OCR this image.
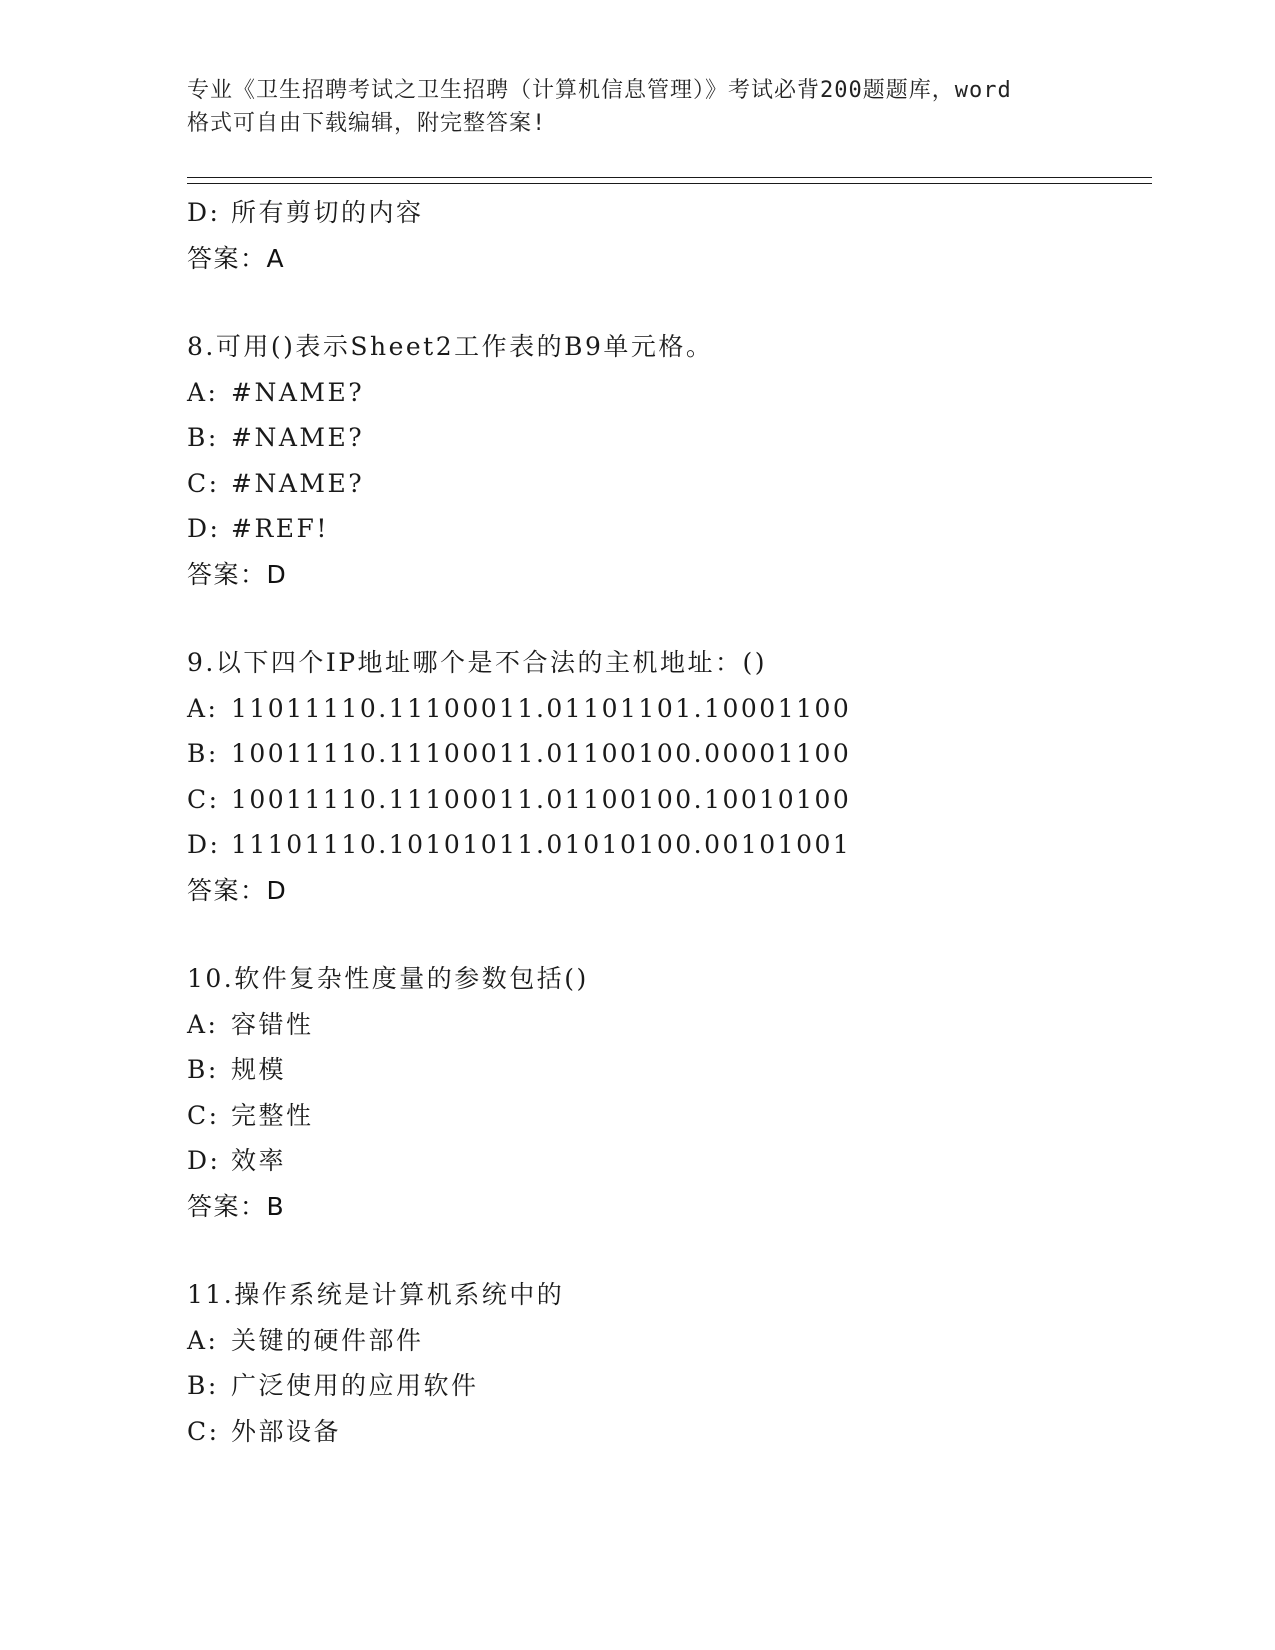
专业《卫生招聘考试之卫生招聘（计算机信息管理）》考试必背200题题库，word
格式可自由下载编辑，附完整答案!

D: 所有剪切的内容
答案：A
8.可用()表示Sheet2工作表的B9单元格。
A: #NAME?
B: #NAME?
C: #NAME?
D: #REF!
答案：D
9.以下四个IP地址哪个是不合法的主机地址：()
A: 11011110.11100011.01101101.10001100
B: 10011110.11100011.01100100.00001100
C: 10011110.11100011.01100100.10010100
D: 11101110.10101011.01010100.00101001
答案：D
10.软件复杂性度量的参数包括()
A: 容错性
B: 规模
C: 完整性
D: 效率
答案：B
11.操作系统是计算机系统中的
A: 关键的硬件部件
B: 广泛使用的应用软件
C: 外部设备
